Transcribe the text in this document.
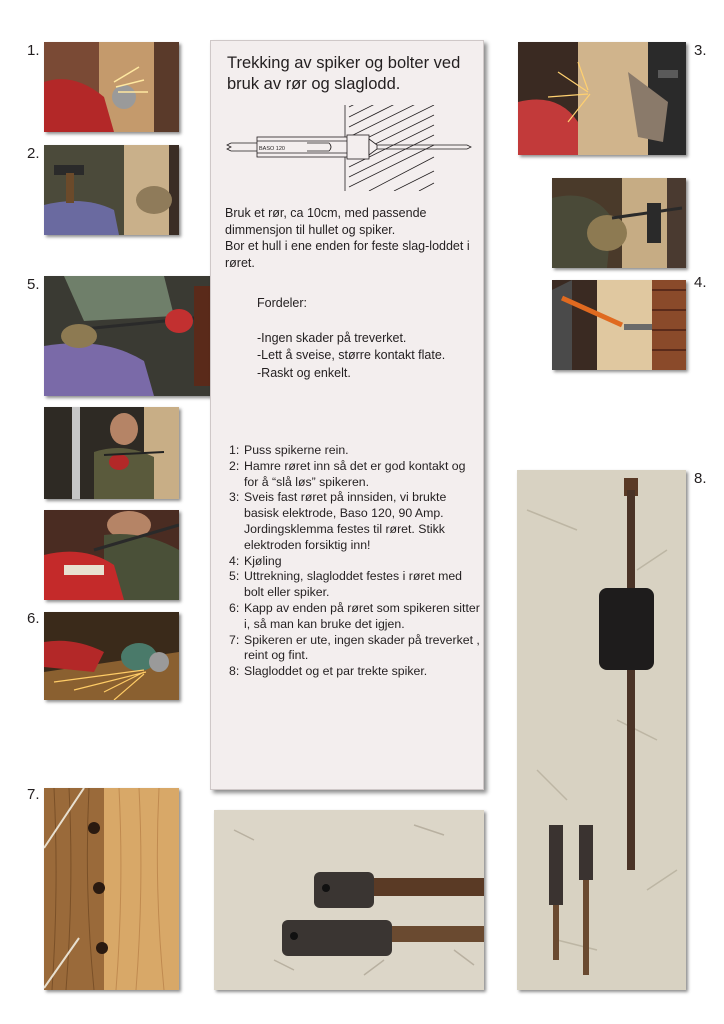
1.
2.
3.
4.
5.
6.
7.
8.
Trekking av spiker og bolter ved bruk av rør og slaglodd.
BASO 120

Bruk et rør, ca 10cm, med passende dimmensjon til hullet og spiker.

Bor et hull i ene enden for feste slag-loddet i røret.

Fordeler:
-Ingen skader på treverket.
-Lett å sveise, større kontakt flate.
-Raskt og enkelt.
1: Puss spikerne rein.
2: Hamre røret inn så det er god kontakt og for å “slå løs” spikeren.
3: Sveis fast røret på innsiden, vi brukte basisk elektrode, Baso 120, 90 Amp. Jordingsklemma festes til røret. Stikk elektroden forsiktig inn!
4: Kjøling
5: Uttrekning, slagloddet festes i røret med bolt eller spiker.
6: Kapp av enden på røret som spikeren sitter i, så man kan bruke det igjen.
7: Spikeren er ute, ingen skader på treverket , reint og fint.
8: Slagloddet og et par trekte spiker.
